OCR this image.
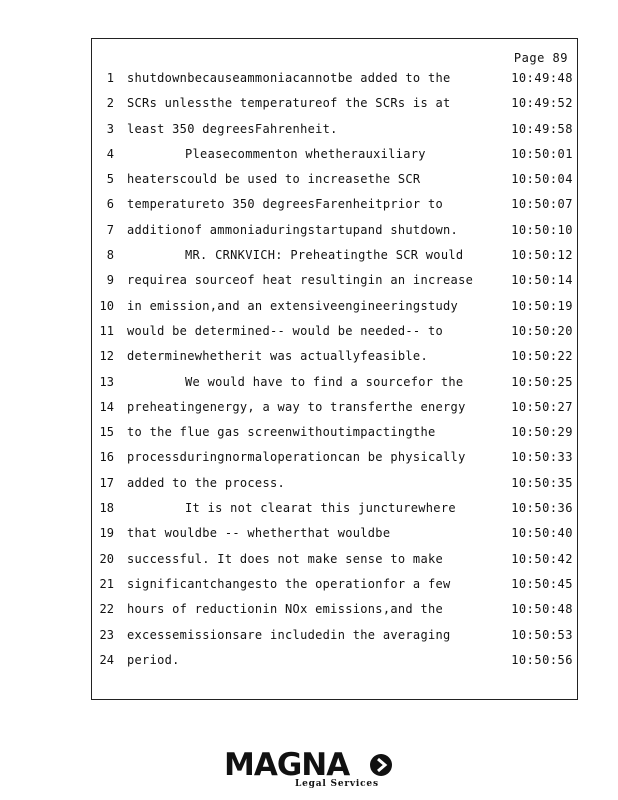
Page 89
1 shutdownbecauseammoniacannotbe added to the	10:49:48
2 SCRs unlessthe temperatureof the SCRs is at	10:49:52
3 least 350 degreesFahrenheit.	10:49:58
4	Pleasecommenton whetherauxiliary	10:50:01
5 heaterscould be used to increasethe SCR	10:50:04
6 temperatureto 350 degreesFarenheitprior to	10:50:07
7 additionof ammoniaduringstartupand shutdown.	10:50:10
8	MR. CRNKVICH: Preheatingthe SCR would	10:50:12
9 requirea sourceof heat resultingin an increase	10:50:14
10 in emission,and an extensiveengineeringstudy	10:50:19
11 would be determined-- would be needed-- to	10:50:20
12 determinewhetherit was actuallyfeasible.	10:50:22
13	We would have to find a sourcefor the	10:50:25
14 preheatingenergy, a way to transferthe energy	10:50:27
15 to the flue gas screenwithoutimpactingthe	10:50:29
16 processduringnormaloperationcan be physically	10:50:33
17 added to the process.	10:50:35
18	It is not clearat this juncturewhere	10:50:36
19 that wouldbe -- whetherthat wouldbe	10:50:40
20 successful. It does not make sense to make	10:50:42
21 significantchangesto the operationfor a few	10:50:45
22 hours of reductionin NOx emissions,and the	10:50:48
23 excessemissionsare includedin the averaging	10:50:53
24 period.	10:50:56
MAGNA
Legal Services
